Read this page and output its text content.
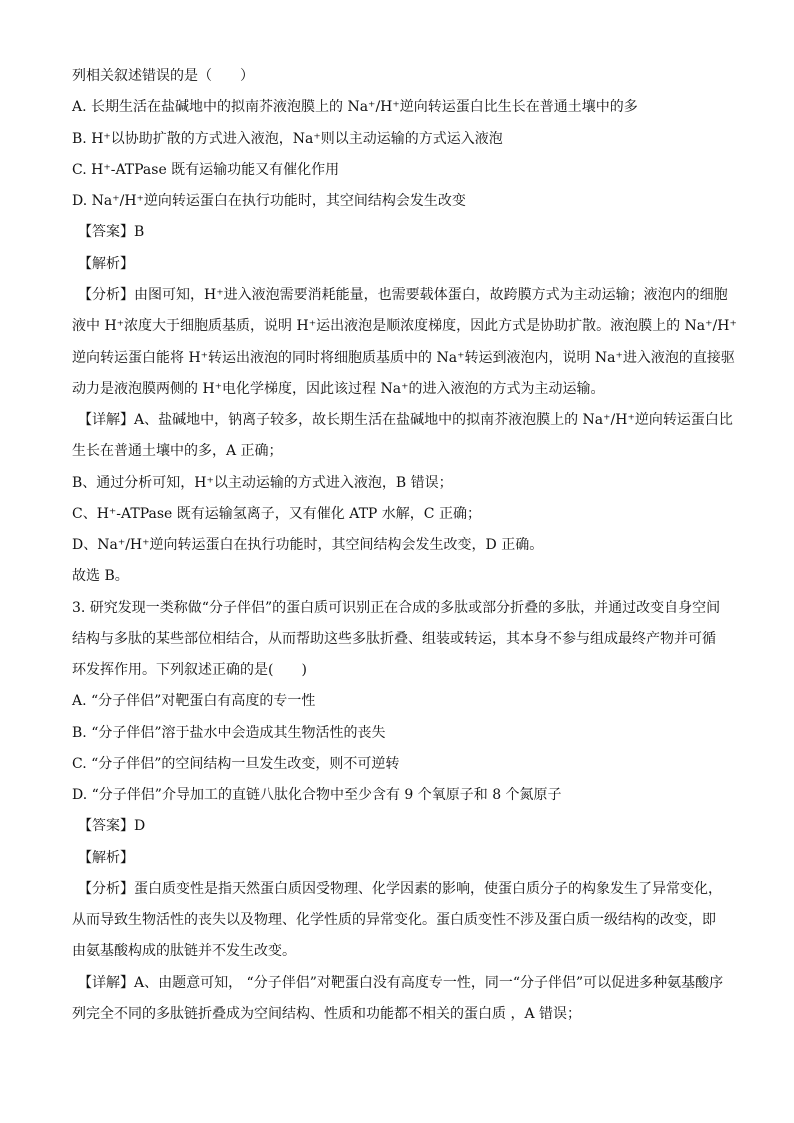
列相关叙述错误的是（　　）
A. 长期生活在盐碱地中的拟南芥液泡膜上的 Na⁺/H⁺逆向转运蛋白比生长在普通土壤中的多
B. H⁺以协助扩散的方式进入液泡，Na⁺则以主动运输的方式运入液泡
C. H⁺-ATPase 既有运输功能又有催化作用
D. Na⁺/H⁺逆向转运蛋白在执行功能时，其空间结构会发生改变
【答案】B
【解析】
【分析】由图可知，H⁺进入液泡需要消耗能量，也需要载体蛋白，故跨膜方式为主动运输；液泡内的细胞
液中 H⁺浓度大于细胞质基质，说明 H⁺运出液泡是顺浓度梯度，因此方式是协助扩散。液泡膜上的 Na⁺/H⁺
逆向转运蛋白能将 H⁺转运出液泡的同时将细胞质基质中的 Na⁺转运到液泡内，说明 Na⁺进入液泡的直接驱
动力是液泡膜两侧的 H⁺电化学梯度，因此该过程 Na⁺的进入液泡的方式为主动运输。
【详解】A、盐碱地中，钠离子较多，故长期生活在盐碱地中的拟南芥液泡膜上的 Na⁺/H⁺逆向转运蛋白比
生长在普通土壤中的多，A 正确；
B、通过分析可知，H⁺以主动运输的方式进入液泡，B 错误；
C、H⁺-ATPase 既有运输氢离子，又有催化 ATP 水解，C 正确；
D、Na⁺/H⁺逆向转运蛋白在执行功能时，其空间结构会发生改变，D 正确。
故选 B。
3. 研究发现一类称做“分子伴侣”的蛋白质可识别正在合成的多肽或部分折叠的多肽，并通过改变自身空间
结构与多肽的某些部位相结合，从而帮助这些多肽折叠、组装或转运，其本身不参与组成最终产物并可循
环发挥作用。下列叙述正确的是(　　)
A. “分子伴侣”对靶蛋白有高度的专一性
B. “分子伴侣”溶于盐水中会造成其生物活性的丧失
C. “分子伴侣”的空间结构一旦发生改变，则不可逆转
D. “分子伴侣”介导加工的直链八肽化合物中至少含有 9 个氧原子和 8 个氮原子
【答案】D
【解析】
【分析】蛋白质变性是指天然蛋白质因受物理、化学因素的影响，使蛋白质分子的构象发生了异常变化，
从而导致生物活性的丧失以及物理、化学性质的异常变化。蛋白质变性不涉及蛋白质一级结构的改变，即
由氨基酸构成的肽链并不发生改变。
【详解】A、由题意可知， “分子伴侣”对靶蛋白没有高度专一性，同一“分子伴侣”可以促进多种氨基酸序
列完全不同的多肽链折叠成为空间结构、性质和功能都不相关的蛋白质 ，A 错误；
